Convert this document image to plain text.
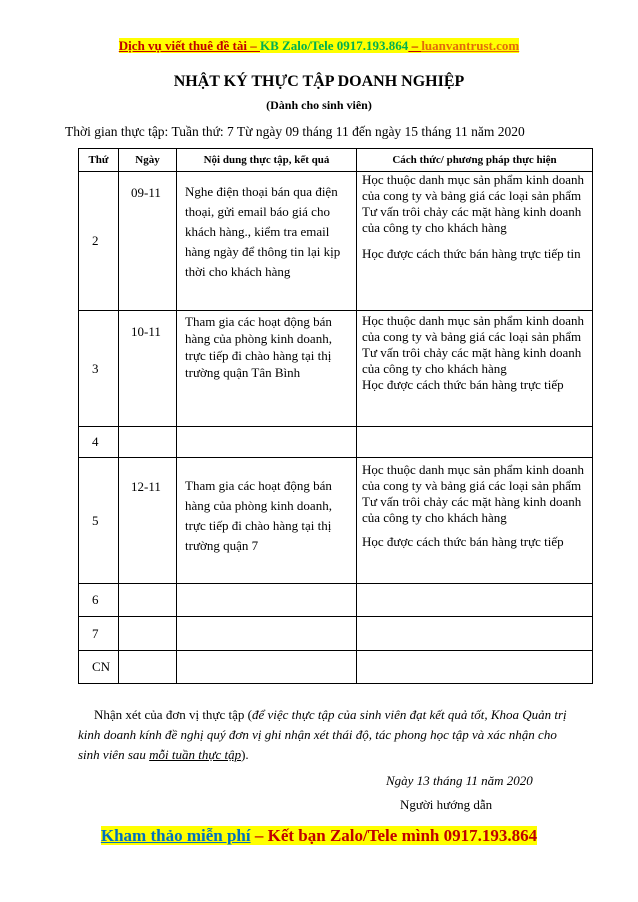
Dịch vụ viết thuê đề tài – KB Zalo/Tele 0917.193.864 – luanvantrust.com
NHẬT KÝ THỰC TẬP DOANH NGHIỆP
(Dành cho sinh viên)
Thời gian thực tập: Tuần thứ: 7 Từ ngày 09 tháng 11 đến ngày 15 tháng 11 năm 2020
Thứ	Ngày	Nội dung thực tập, kết quả	Cách thức/ phương pháp thực hiện
2	09-11	Nghe điện thoại bán qua điện thoại, gửi email báo giá cho khách hàng., kiểm tra email hàng ngày để thông tin lại kịp thời cho khách hàng	Học thuộc danh mục sản phẩm kinh doanh của cong ty và bảng giá các loại sản phẩm

Tư vấn trôi chảy các mặt hàng kinh doanh của công ty cho khách hàng

Học được cách thức bán hàng trực tiếp tin

3	10-11	Tham gia các hoạt động bán hàng của phòng kinh doanh, trực tiếp đi chào hàng tại thị trường quận Tân Bình	Học thuộc danh mục sản phẩm kinh doanh của cong ty và bảng giá các loại sản phẩm

Tư vấn trôi chảy các mặt hàng kinh doanh của công ty cho khách hàng

Học được cách thức bán hàng trực tiếp

4			
5	12-11	Tham gia các hoạt động bán hàng của phòng kinh doanh, trực tiếp đi chào hàng tại thị trường quận 7	Học thuộc danh mục sản phẩm kinh doanh của cong ty và bảng giá các loại sản phẩm

Tư vấn trôi chảy các mặt hàng kinh doanh của công ty cho khách hàng

Học được cách thức bán hàng trực tiếp

6			
7			
CN			
Nhận xét của đơn vị thực tập (để việc thực tập của sinh viên đạt kết quả tốt, Khoa Quản trị kinh doanh kính đề nghị quý đơn vị ghi nhận xét thái độ, tác phong học tập và xác nhận cho sinh viên sau mỗi tuần thực tập).
Ngày 13 tháng 11 năm 2020
Người hướng dẫn
Kham thảo miễn phí – Kết bạn Zalo/Tele mình 0917.193.864
